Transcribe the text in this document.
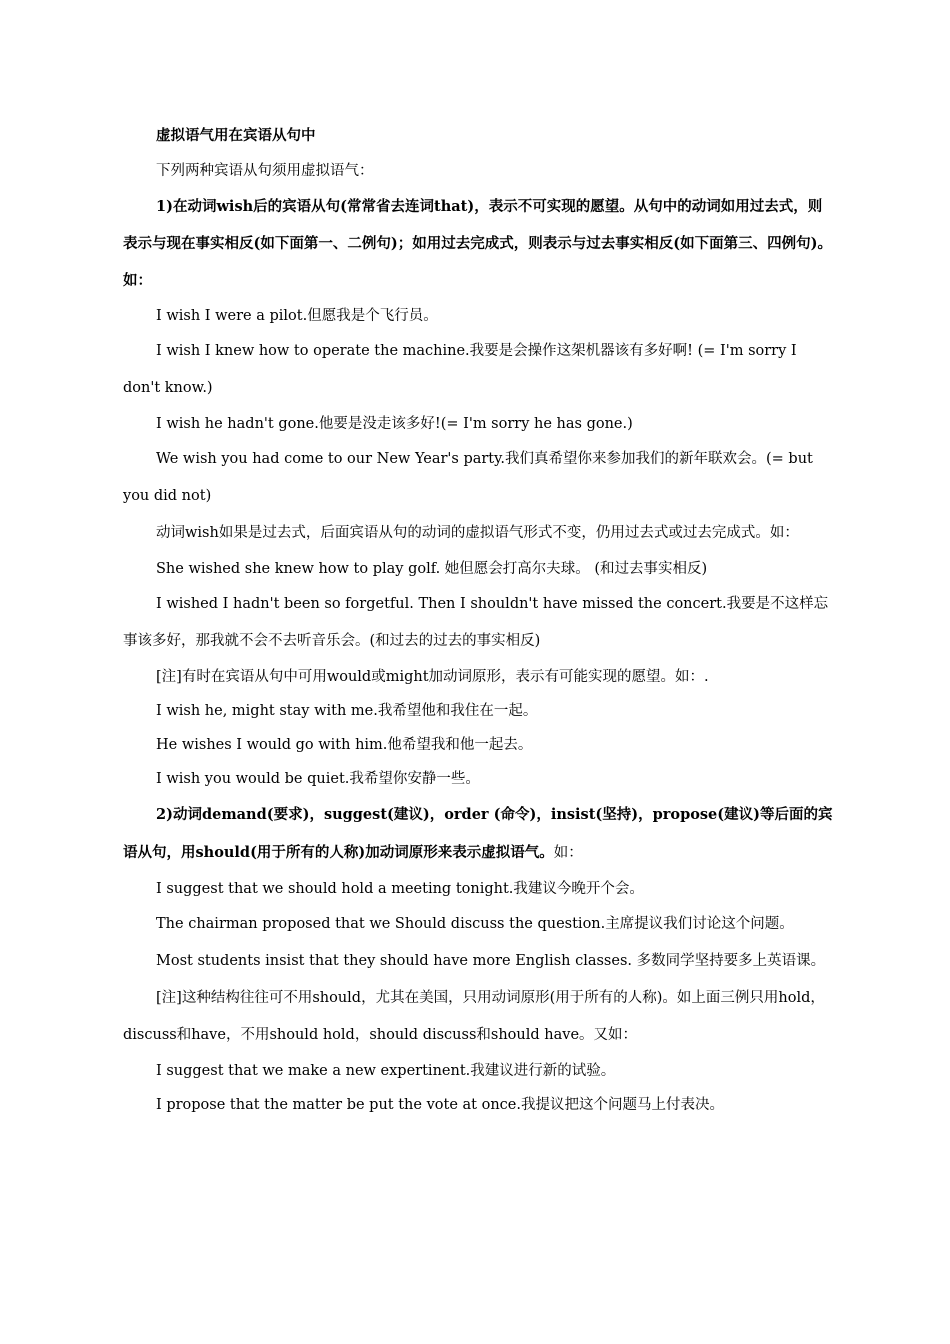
虚拟语气用在宾语从句中

下列两种宾语从句须用虚拟语气：

1)在动词wish后的宾语从句(常常省去连词that)，表示不可实现的愿望。从句中的动词如用过去式，则表示与现在事实相反(如下面第一、二例句)；如用过去完成式，则表示与过去事实相反(如下面第三、四例句)。如：

I wish I were a pilot.但愿我是个飞行员。

I wish I knew how to operate the machine.我要是会操作这架机器该有多好啊! (= I'm sorry I don't know.)

I wish he hadn't gone.他要是没走该多好!(= I'm sorry he has gone.)

We wish you had come to our New Year's party.我们真希望你来参加我们的新年联欢会。(= but you did not)

动词wish如果是过去式，后面宾语从句的动词的虚拟语气形式不变，仍用过去式或过去完成式。如：

She wished she knew how to play golf. 她但愿会打高尔夫球。 (和过去事实相反)

I wished I hadn't been so forgetful. Then I shouldn't have missed the concert.我要是不这样忘事该多好，那我就不会不去听音乐会。(和过去的过去的事实相反)

[注]有时在宾语从句中可用would或might加动词原形，表示有可能实现的愿望。如：.

I wish he, might stay with me.我希望他和我住在一起。

He wishes I would go with him.他希望我和他一起去。

I wish you would be quiet.我希望你安静一些。

2)动词demand(要求)，suggest(建议)，order (命令)，insist(坚持)，propose(建议)等后面的宾语从句，用should(用于所有的人称)加动词原形来表示虚拟语气。如：

I suggest that we should hold a meeting tonight.我建议今晚开个会。

The chairman proposed that we Should discuss the question.主席提议我们讨论这个问题。

Most students insist that they should have more English classes. 多数同学坚持要多上英语课。

[注]这种结构往往可不用should，尤其在美国，只用动词原形(用于所有的人称)。如上面三例只用hold，discuss和have，不用should hold，should discuss和should have。又如：

I suggest that we make a new expertinent.我建议进行新的试验。

I propose that the matter be put the vote at once.我提议把这个问题马上付表决。
